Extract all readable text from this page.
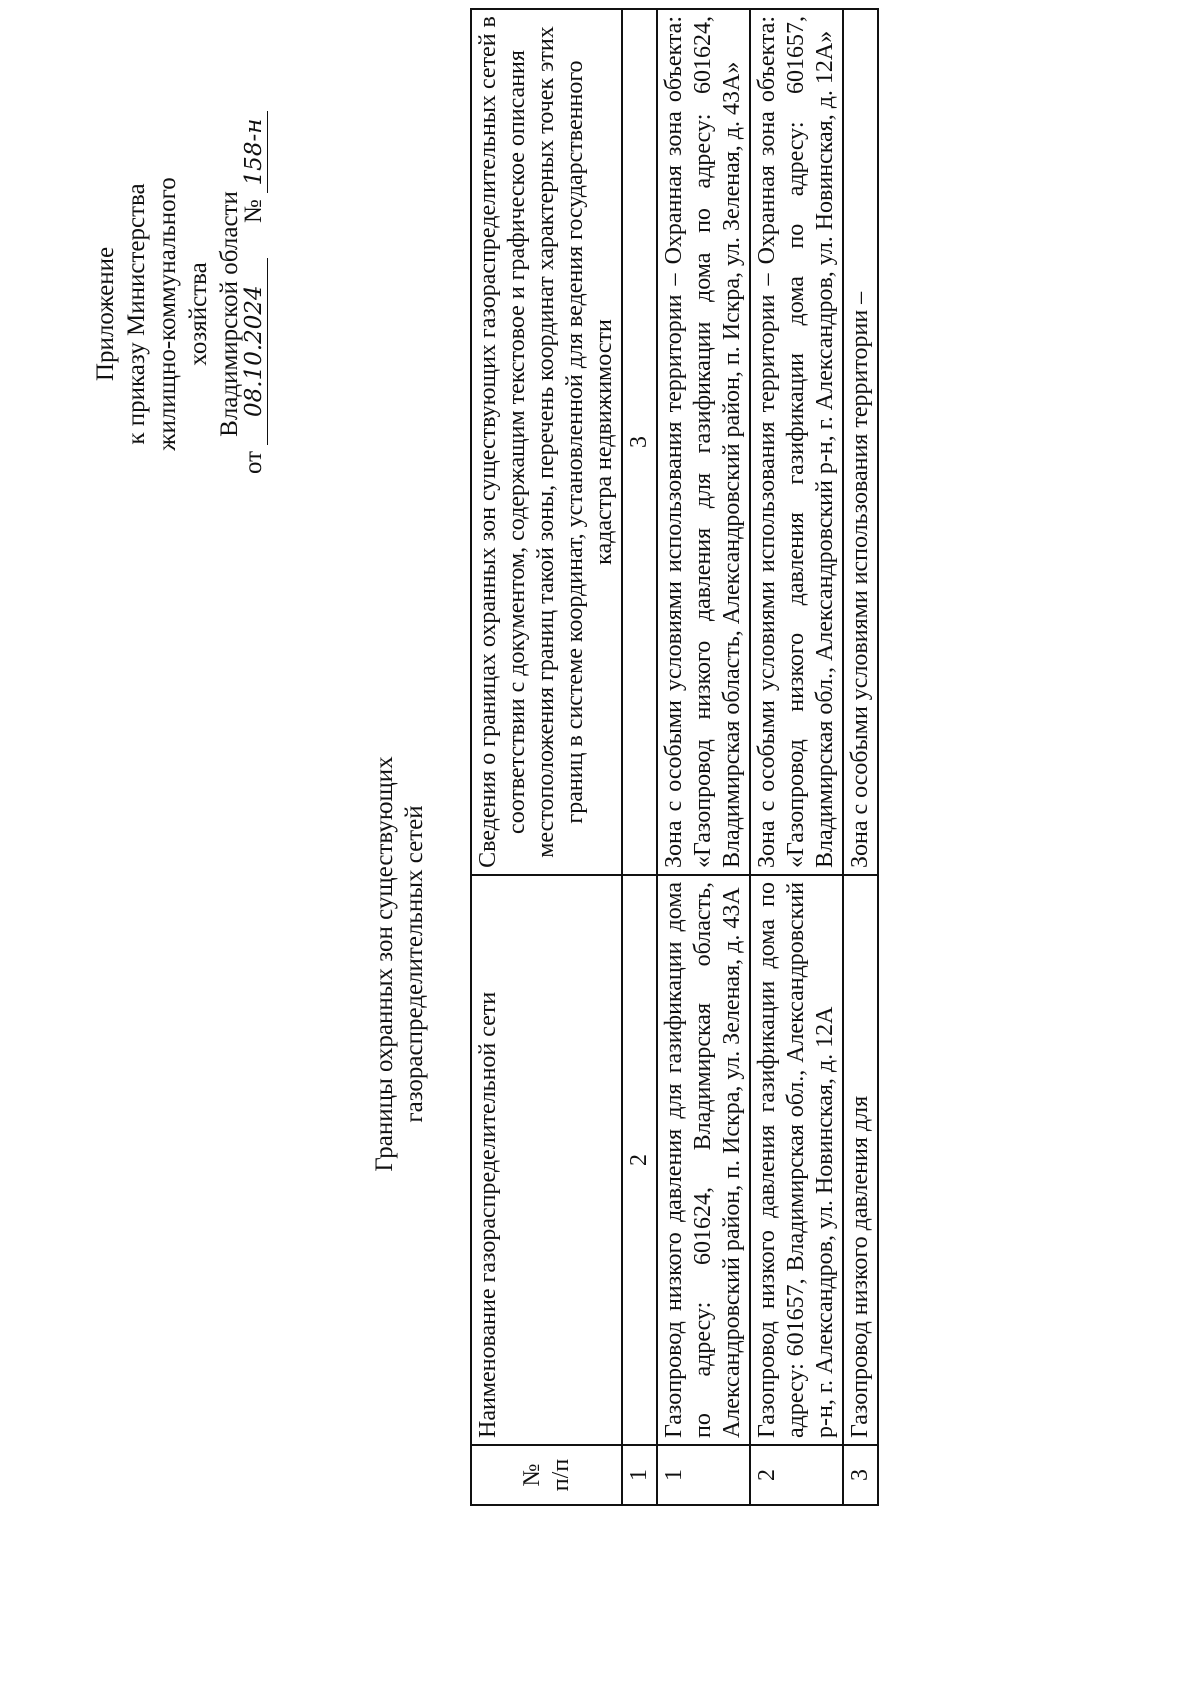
Приложение к приказу Министерства жилищно-коммунального хозяйства Владимирской области
от 08.10.2024  № 158-н
Границы охранных зон существующих газораспределительных сетей
№ п/п	Наименование газораспределительной сети	Сведения о границах охранных зон существующих газораспределительных сетей в соответствии с документом, содержащим текстовое и графическое описания местоположения границ такой зоны, перечень координат характерных точек этих границ в системе координат, установленной для ведения государственного кадастра недвижимости
1	2	3
1	Газопровод низкого давления для газификации дома по адресу: 601624, Владимирская область, Александровский район, п. Искра, ул. Зеленая, д. 43А	Зона с особыми условиями использования территории – Охранная зона объекта: «Газопровод низкого давления для газификации дома по адресу: 601624, Владимирская область, Александровский район, п. Искра, ул. Зеленая, д. 43А»
2	Газопровод низкого давления газификации дома по адресу: 601657, Владимирская обл., Александровский р-н, г. Александров, ул. Новинская, д. 12А	Зона с особыми условиями использования территории – Охранная зона объекта: «Газопровод низкого давления газификации дома по адресу: 601657, Владимирская обл., Александровский р-н, г. Александров, ул. Новинская, д. 12А»
3	Газопровод низкого давления для	Зона с особыми условиями использования территории –
